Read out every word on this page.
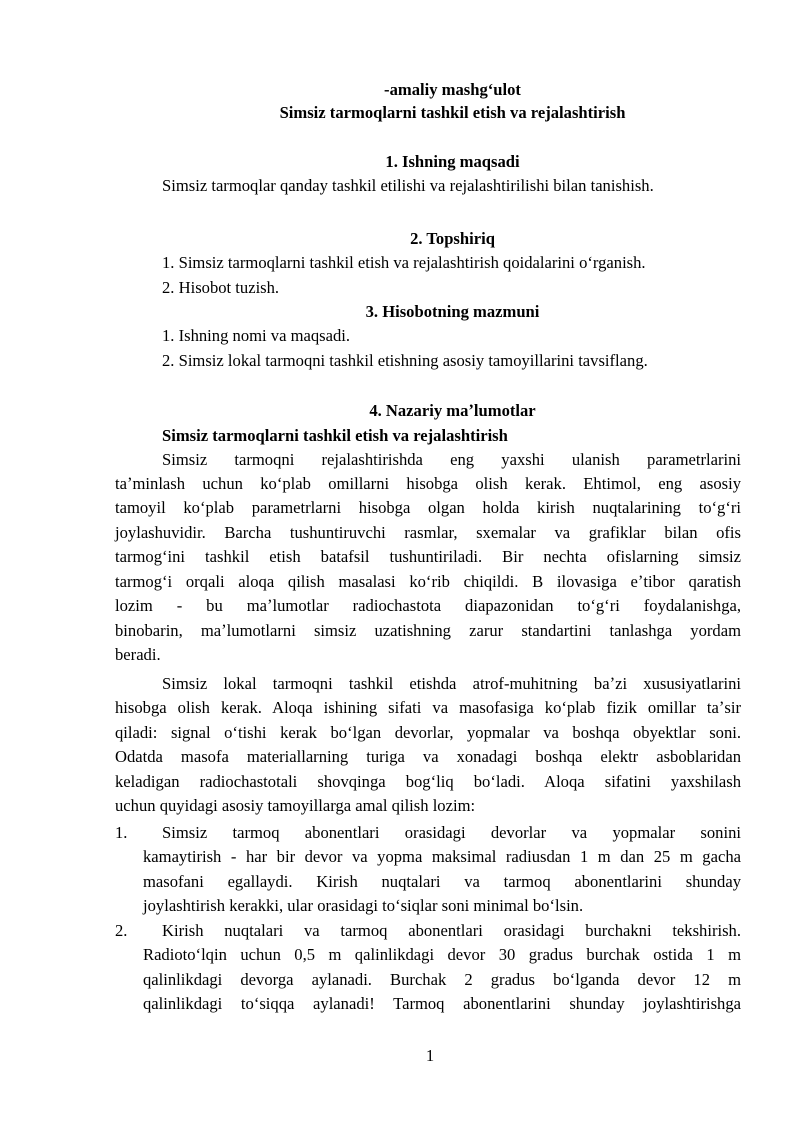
-amaliy mashgʻulot
Simsiz tarmoqlarni tashkil etish va rejalashtirish
1. Ishning maqsadi
Simsiz tarmoqlar qanday tashkil etilishi va rejalashtirilishi bilan tanishish.
2. Topshiriq
1. Simsiz tarmoqlarni tashkil etish va rejalashtirish qoidalarini oʻrganish.
2. Hisobot tuzish.
3. Hisobotning mazmuni
1. Ishning nomi va maqsadi.
2. Simsiz lokal tarmoqni tashkil etishning asosiy tamoyillarini tavsiflang.
4. Nazariy maʼlumotlar
Simsiz tarmoqlarni tashkil etish va rejalashtirish
Simsiz tarmoqni rejalashtirishda eng yaxshi ulanish parametrlarini
taʼminlash uchun koʻplab omillarni hisobga olish kerak. Ehtimol, eng asosiy
tamoyil koʻplab parametrlarni hisobga olgan holda kirish nuqtalarining toʻgʻri
joylashuvidir. Barcha tushuntiruvchi rasmlar, sxemalar va grafiklar bilan ofis
tarmogʻini tashkil etish batafsil tushuntiriladi. Bir nechta ofislarning simsiz
tarmogʻi orqali aloqa qilish masalasi koʻrib chiqildi. B ilovasiga eʼtibor qaratish
lozim - bu maʼlumotlar radiochastota diapazonidan toʻgʻri foydalanishga,
binobarin, maʼlumotlarni simsiz uzatishning zarur standartini tanlashga yordam
beradi.
Simsiz lokal tarmoqni tashkil etishda atrof-muhitning baʼzi xususiyatlarini
hisobga olish kerak. Aloqa ishining sifati va masofasiga koʻplab fizik omillar taʼsir
qiladi: signal oʻtishi kerak boʻlgan devorlar, yopmalar va boshqa obyektlar soni.
Odatda masofa materiallarning turiga va xonadagi boshqa elektr asboblaridan
keladigan radiochastotali shovqinga bogʻliq boʻladi. Aloqa sifatini yaxshilash
uchun quyidagi asosiy tamoyillarga amal qilish lozim:
1. Simsiz tarmoq abonentlari orasidagi devorlar va yopmalar sonini
kamaytirish - har bir devor va yopma maksimal radiusdan 1 m dan 25 m gacha
masofani egallaydi. Kirish nuqtalari va tarmoq abonentlarini shunday
joylashtirish kerakki, ular orasidagi toʻsiqlar soni minimal boʻlsin.
2. Kirish nuqtalari va tarmoq abonentlari orasidagi burchakni tekshirish.
Radiotoʻlqin uchun 0,5 m qalinlikdagi devor 30 gradus burchak ostida 1 m
qalinlikdagi devorga aylanadi. Burchak 2 gradus boʻlganda devor 12 m
qalinlikdagi toʻsiqqa aylanadi! Tarmoq abonentlarini shunday joylashtirishga
1
